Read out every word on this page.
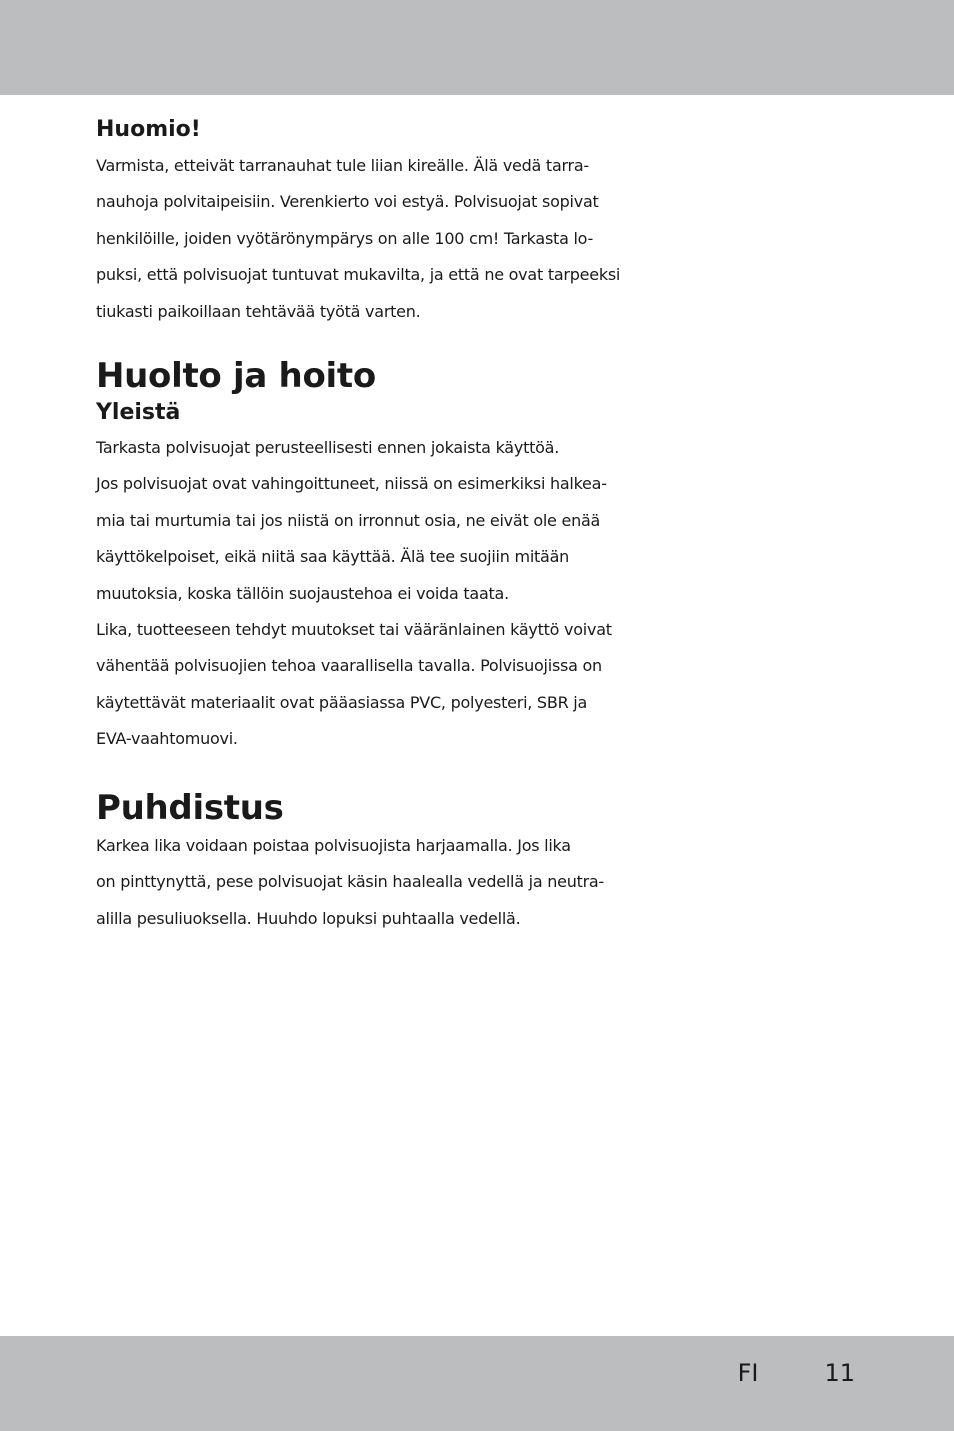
Huomio!

Varmista, etteivät tarranauhat tule liian kireälle. Älä vedä tarra-
nauhoja polvitaipeisiin. Verenkierto voi estyä. Polvisuojat sopivat
henkilöille, joiden vyötärönympärys on alle 100 cm! Tarkasta lo-
puksi, että polvisuojat tuntuvat mukavilta, ja että ne ovat tarpeeksi
tiukasti paikoillaan tehtävää työtä varten.

Huolto ja hoito
Yleistä

Tarkasta polvisuojat perusteellisesti ennen jokaista käyttöä.
Jos polvisuojat ovat vahingoittuneet, niissä on esimerkiksi halkea-
mia tai murtumia tai jos niistä on irronnut osia, ne eivät ole enää
käyttökelpoiset, eikä niitä saa käyttää. Älä tee suojiin mitään
muutoksia, koska tällöin suojaustehoa ei voida taata.
Lika, tuotteeseen tehdyt muutokset tai vääränlainen käyttö voivat
vähentää polvisuojien tehoa vaarallisella tavalla. Polvisuojissa on
käytettävät materiaalit ovat pääasiassa PVC, polyesteri, SBR ja
EVA-vaahtomuovi.

Puhdistus

Karkea lika voidaan poistaa polvisuojista harjaamalla. Jos lika
on pinttynyttä, pese polvisuojat käsin haalealla vedellä ja neutra-
alilla pesuliuoksella. Huuhdo lopuksi puhtaalla vedellä.

FI	11
